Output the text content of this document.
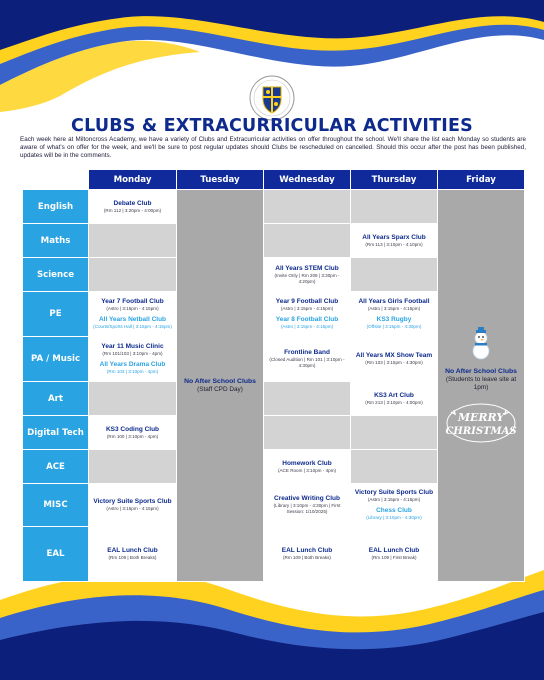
CLUBS & EXTRACURRICULAR ACTIVITIES
Each week here at Miltoncross Academy, we have a variety of Clubs and Extracurricular activities on offer throughout the school. We'll share the list each Monday so students are aware of what's on offer for the week, and we'll be sure to post regular updates should Clubs be rescheduled on cancelled. Should this occur after the post has been published, updates will be in the comments.
	Monday	Tuesday	Wednesday	Thursday	Friday	
English	Debate Club
(Rm 112 | 3:20pm - 4:00pm)	No After School Clubs
(Staff CPD Day)			No After School Clubs
(Students to leave site at 1pm)
MERRY
CHRISTMAS	

Maths				All Years Sparx Club
(Rm 113 | 3:10pm - 4:10pm)		

Science			All Years STEM Club
(Invite Only | Rm 208 | 3:30pm - 4:20pm)			

PE	Year 7 Football Club
(Astro | 3:15pm - 4:15pm)
All Years Netball Club
(Courts/Sports Hall | 3:15pm - 4:15pm)		Year 9 Football Club
(Astro | 3:15pm - 4:15pm)
Year 8 Football Club
(Astro | 3:15pm - 4:15pm)	All Years Girls Football
(Astro | 3:15pm - 4:15pm)
KS3 Rugby
(Offsite | 3:15pm - 4:30pm)		

PA / Music	Year 11 Music Clinic
(Rm 101/103 | 3:10pm - 4pm)
All Years Drama Club
(Rm 103 | 3:10pm - 4pm)		Frontline Band
(Closed Audition | Rm 101 | 3:10pm - 4:30pm)	All Years MX Show Team
(Rm 103 | 3:15pm - 4:30pm)		

Art				KS3 Art Club
(Rm 213 | 3:10pm - 4:00pm)		

Digital Tech	KS3 Coding Club
(Rm 100 | 3:10pm - 4pm)					

ACE			Homework Club
(ACE Room | 3:10pm - 4pm)			

MISC	Victory Suite Sports Club
(Astro | 3:15pm - 4:15pm)		Creative Writing Club
(Library | 3:10pm - 4:30pm | First Session: 1/10/2025)	Victory Suite Sports Club
(Astro | 3:15pm - 4:15pm)
Chess Club
(Library | 3:10pm - 4:30pm)		

EAL	EAL Lunch Club
(Rm 109 | Both Breaks)		EAL Lunch Club
(Rm 109 | Both Breaks)	EAL Lunch Club
(Rm 109 | First Break)
